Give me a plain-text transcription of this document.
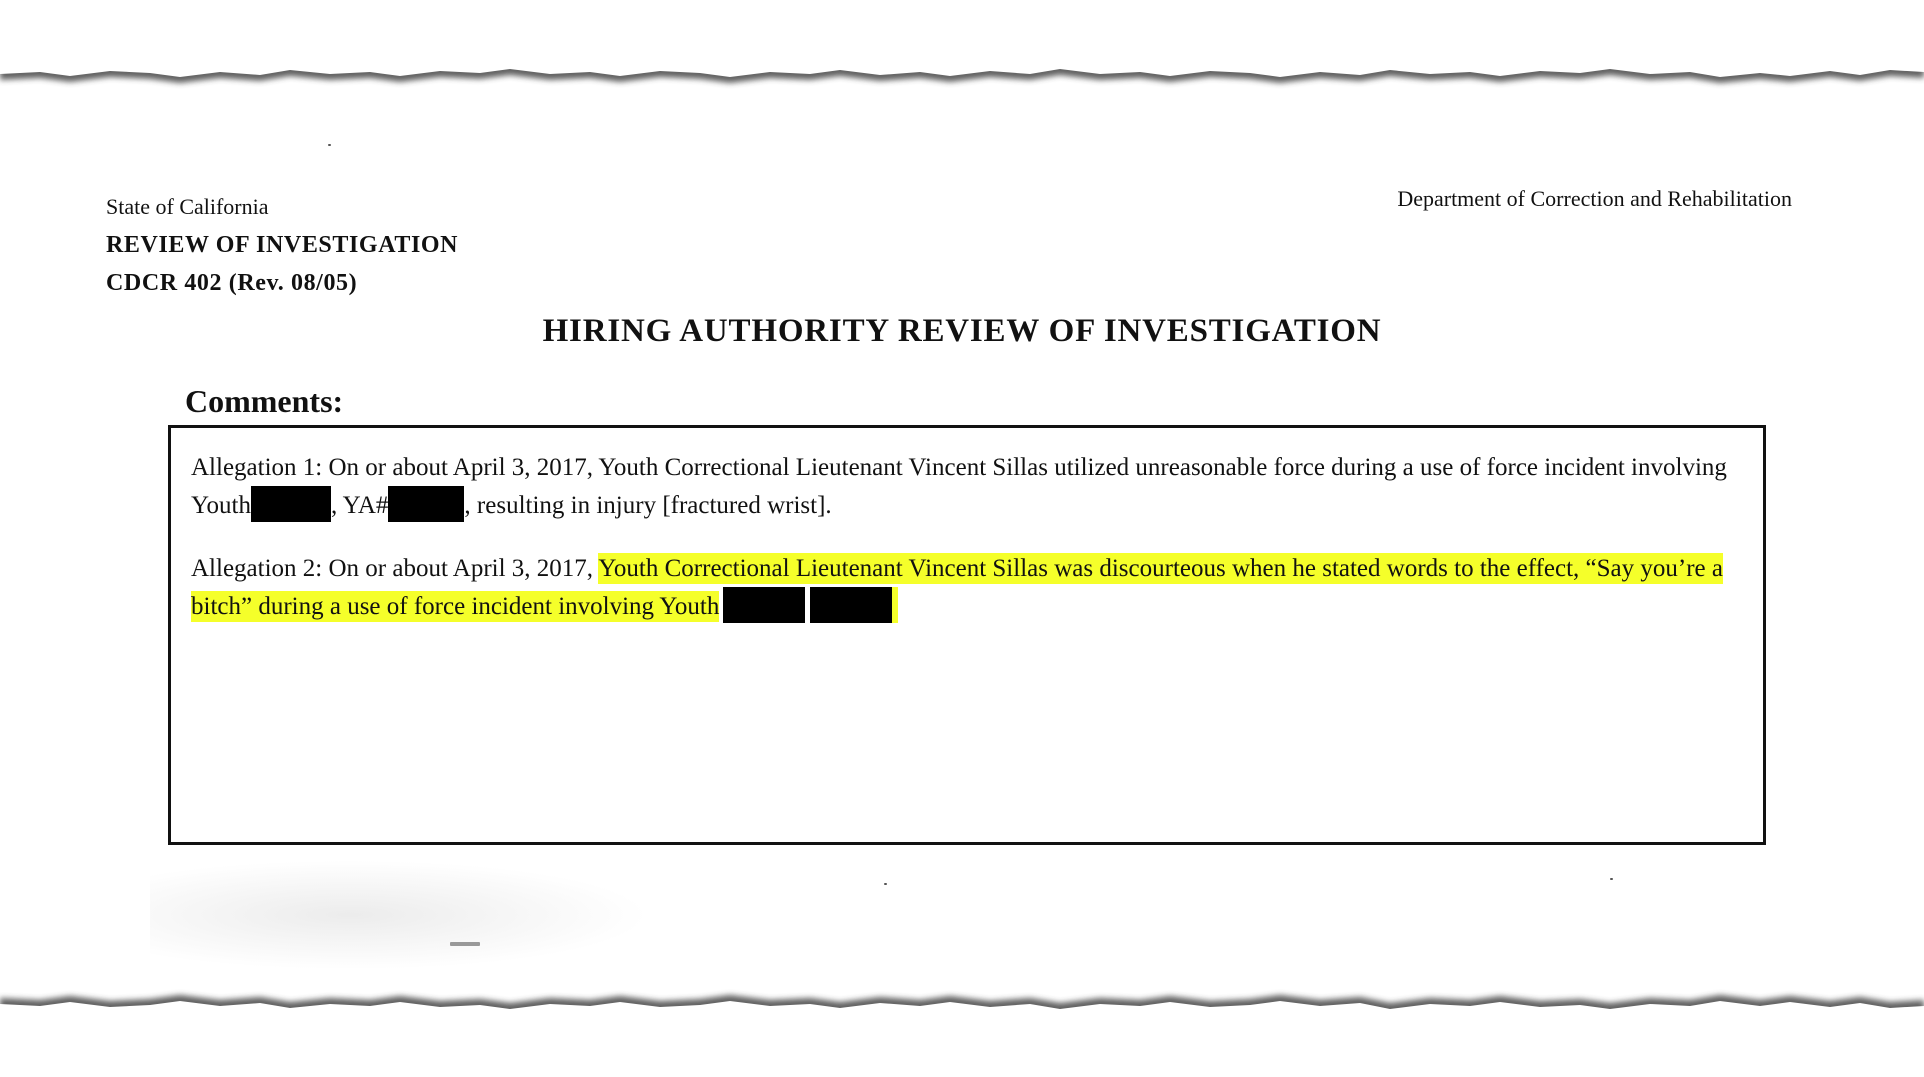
State of California
REVIEW OF INVESTIGATION
CDCR 402 (Rev. 08/05)
Department of Correction and Rehabilitation
HIRING AUTHORITY REVIEW OF INVESTIGATION
Comments:
Allegation 1: On or about April 3, 2017, Youth Correctional Lieutenant Vincent Sillas utilized unreasonable force during a use of force incident involving Youth	, YA#	, resulting in injury [fractured wrist].
Allegation 2: On or about April 3, 2017, Youth Correctional Lieutenant Vincent Sillas was discourteous when he stated words to the effect, “Say you’re a bitch” during a use of force incident involving Youth
